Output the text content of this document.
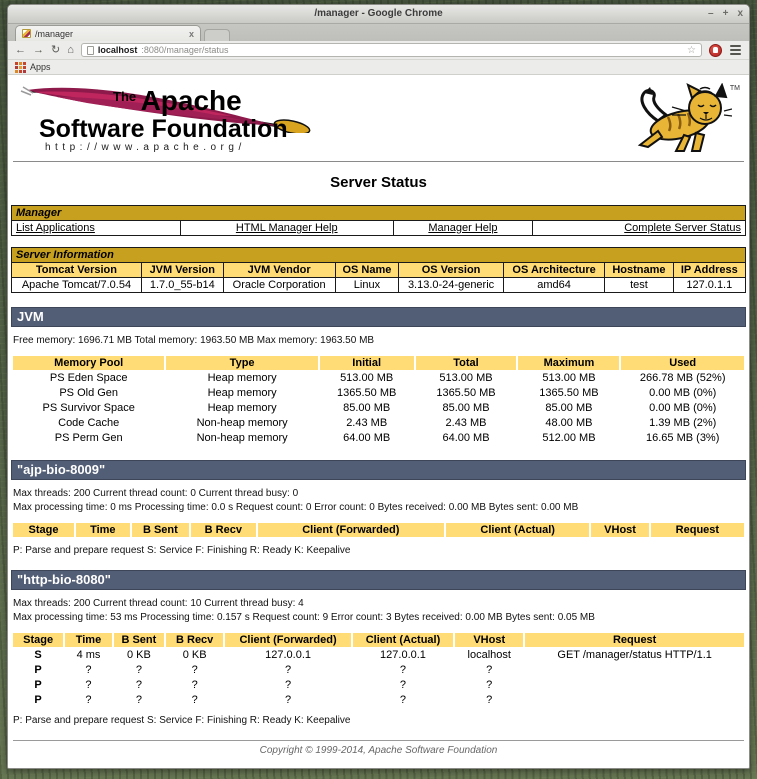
/manager - Google Chrome	– + x
/manager	x
← → ↻ ⌂	localhost :8080/manager/status	☆
Apps
$^{The}$ Apache
Software Foundation
http://www.apache.org/
TM
Server Status
Manager
List Applications	HTML Manager Help	Manager Help	Complete Server Status
Server Information							
Tomcat Version	JVM Version	JVM Vendor	OS Name	OS Version	OS Architecture	Hostname	IP Address
Apache Tomcat/7.0.54	1.7.0_55-b14	Oracle Corporation	Linux	3.13.0-24-generic	amd64	test	127.0.1.1
JVM

Free memory: 1696.71 MB Total memory: 1963.50 MB Max memory: 1963.50 MB

Memory Pool	Type	Initial	Total	Maximum	Used
PS Eden Space	Heap memory	513.00 MB	513.00 MB	513.00 MB	266.78 MB (52%)
PS Old Gen	Heap memory	1365.50 MB	1365.50 MB	1365.50 MB	0.00 MB (0%)
PS Survivor Space	Heap memory	85.00 MB	85.00 MB	85.00 MB	0.00 MB (0%)
Code Cache	Non-heap memory	2.43 MB	2.43 MB	48.00 MB	1.39 MB (2%)
PS Perm Gen	Non-heap memory	64.00 MB	64.00 MB	512.00 MB	16.65 MB (3%)
"ajp-bio-8009"

Max threads: 200 Current thread count: 0 Current thread busy: 0
Max processing time: 0 ms Processing time: 0.0 s Request count: 0 Error count: 0 Bytes received: 0.00 MB Bytes sent: 0.00 MB

Stage	Time	B Sent	B Recv	Client (Forwarded)	Client (Actual)	VHost	Request

P: Parse and prepare request S: Service F: Finishing R: Ready K: Keepalive

"http-bio-8080"

Max threads: 200 Current thread count: 10 Current thread busy: 4
Max processing time: 53 ms Processing time: 0.157 s Request count: 9 Error count: 3 Bytes received: 0.00 MB Bytes sent: 0.05 MB

Stage	Time	B Sent	B Recv	Client (Forwarded)	Client (Actual)	VHost	Request
S	4 ms	0 KB	0 KB	127.0.0.1	127.0.0.1	localhost	GET /manager/status HTTP/1.1
P	?	?	?	?	?	?	
P	?	?	?	?	?	?	
P	?	?	?	?	?	?	

P: Parse and prepare request S: Service F: Finishing R: Ready K: Keepalive

Copyright © 1999-2014, Apache Software Foundation
